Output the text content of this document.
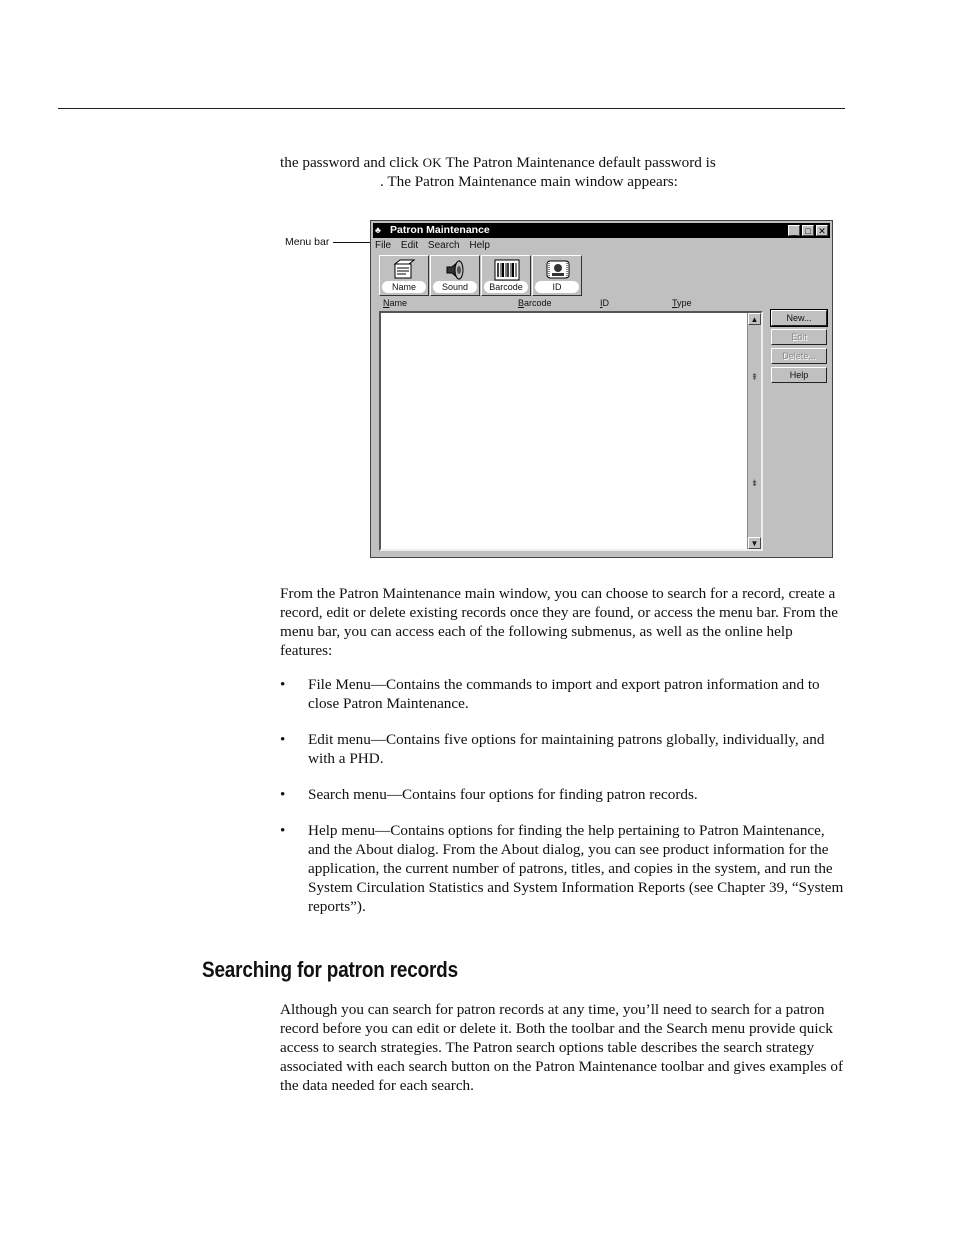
the password and click OK The Patron Maintenance default password is
. The Patron Maintenance main window appears:

Menu bar
♣ Patron Maintenance	_ □ ✕
File Edit Search Help
Name	Sound	Barcode	ID
Name	Barcode	ID	Type
▲
⇞
⇟
▼
New...
Edit
Delete...
Help

From the Patron Maintenance main window, you can choose to search for a record, create a record, edit or delete existing records once they are found, or access the menu bar. From the menu bar, you can access each of the following submenus, as well as the online help features:

• File Menu—Contains the commands to import and export patron information and to close Patron Maintenance.
• Edit menu—Contains five options for maintaining patrons globally, individually, and with a PHD.
• Search menu—Contains four options for finding patron records.
• Help menu—Contains options for finding the help pertaining to Patron Maintenance, and the About dialog. From the About dialog, you can see product information for the application, the current number of patrons, titles, and copies in the system, and run the System Circulation Statistics and System Information Reports (see Chapter 39, “System reports”).
Searching for patron records

Although you can search for patron records at any time, you’ll need to search for a patron record before you can edit or delete it. Both the toolbar and the Search menu provide quick access to search strategies. The Patron search options table describes the search strategy associated with each search button on the Patron Maintenance toolbar and gives examples of the data needed for each search.
